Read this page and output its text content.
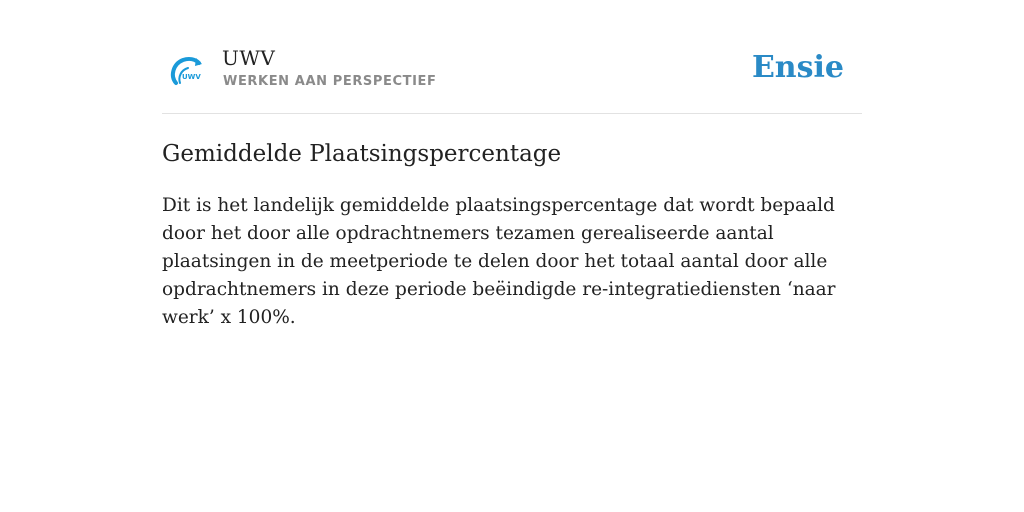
UWV
UWV
WERKEN AAN PERSPECTIEF	Ensie
Gemiddelde Plaatsingspercentage

Dit is het landelijk gemiddelde plaatsingspercentage dat wordt bepaald door het door alle opdrachtnemers tezamen gerealiseerde aantal plaatsingen in de meetperiode te delen door het totaal aantal door alle opdrachtnemers in deze periode beëindigde re-integratiediensten ‘naar werk’ x 100%.
